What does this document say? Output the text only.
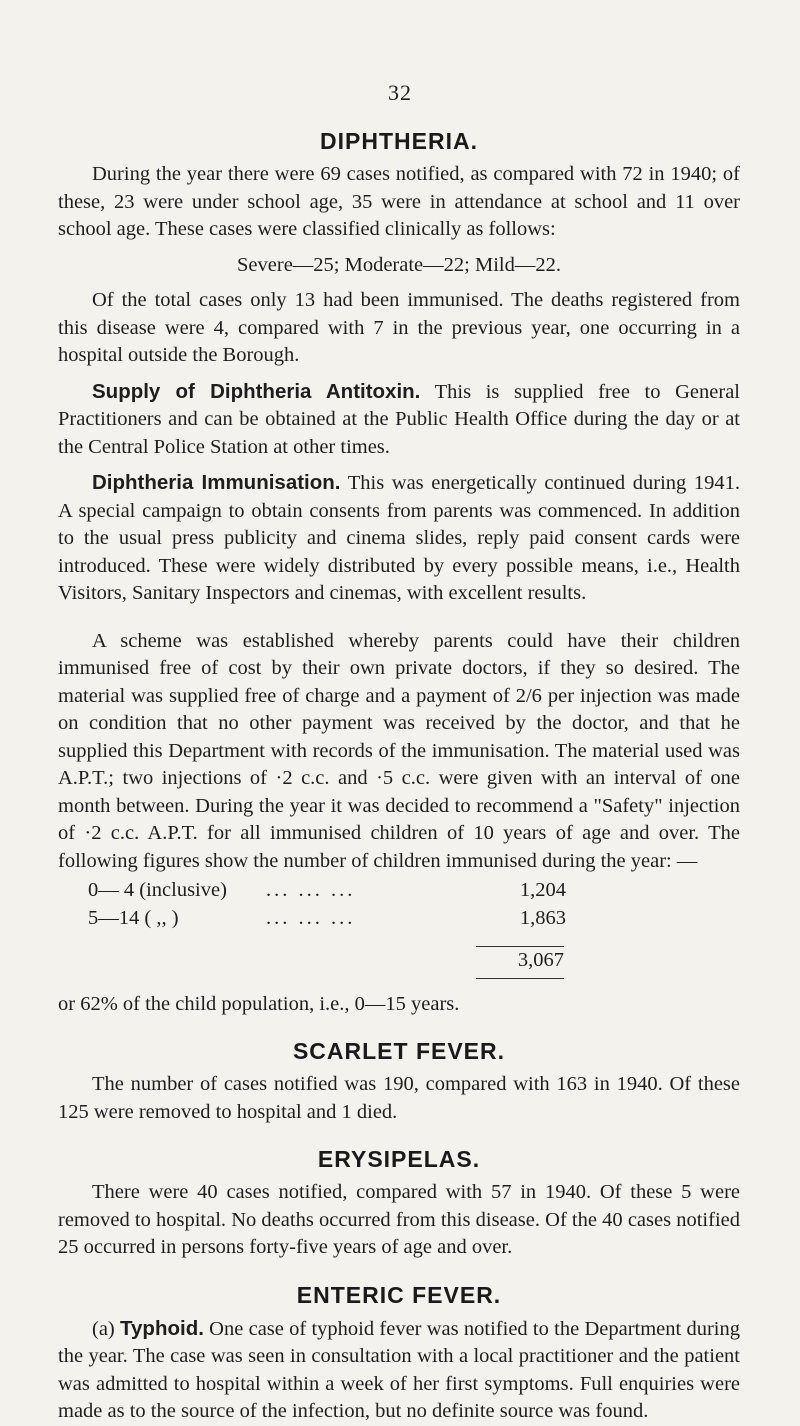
32
DIPHTHERIA.

During the year there were 69 cases notified, as compared with 72 in 1940; of these, 23 were under school age, 35 were in attendance at school and 11 over school age. These cases were classified clinically as follows:

Severe—25; Moderate—22; Mild—22.

Of the total cases only 13 had been immunised. The deaths registered from this disease were 4, compared with 7 in the previous year, one occurring in a hospital outside the Borough.

Supply of Diphtheria Antitoxin. This is supplied free to General Practitioners and can be obtained at the Public Health Office during the day or at the Central Police Station at other times.

Diphtheria Immunisation. This was energetically continued during 1941. A special campaign to obtain consents from parents was commenced. In addition to the usual press publicity and cinema slides, reply paid consent cards were introduced. These were widely distributed by every possible means, i.e., Health Visitors, Sanitary Inspectors and cinemas, with excellent results.

A scheme was established whereby parents could have their children immunised free of cost by their own private doctors, if they so desired. The material was supplied free of charge and a payment of 2/6 per injection was made on condition that no other payment was received by the doctor, and that he supplied this Department with records of the immunisation. The material used was A.P.T.; two injections of ·2 c.c. and ·5 c.c. were given with an interval of one month between. During the year it was decided to recommend a "Safety" injection of ·2 c.c. A.P.T. for all immunised children of 10 years of age and over. The following figures show the number of children immunised during the year: —

0— 4 (inclusive)	... ... ...	1,204
5—14 ( ,, )	... ... ...	1,863
3,067

or 62% of the child population, i.e., 0—15 years.

SCARLET FEVER.

The number of cases notified was 190, compared with 163 in 1940. Of these 125 were removed to hospital and 1 died.

ERYSIPELAS.

There were 40 cases notified, compared with 57 in 1940. Of these 5 were removed to hospital. No deaths occurred from this disease. Of the 40 cases notified 25 occurred in persons forty-five years of age and over.

ENTERIC FEVER.

(a) Typhoid. One case of typhoid fever was notified to the Department during the year. The case was seen in consultation with a local practitioner and the patient was admitted to hospital within a week of her first symptoms. Full enquiries were made as to the source of the infection, but no definite source was found.
